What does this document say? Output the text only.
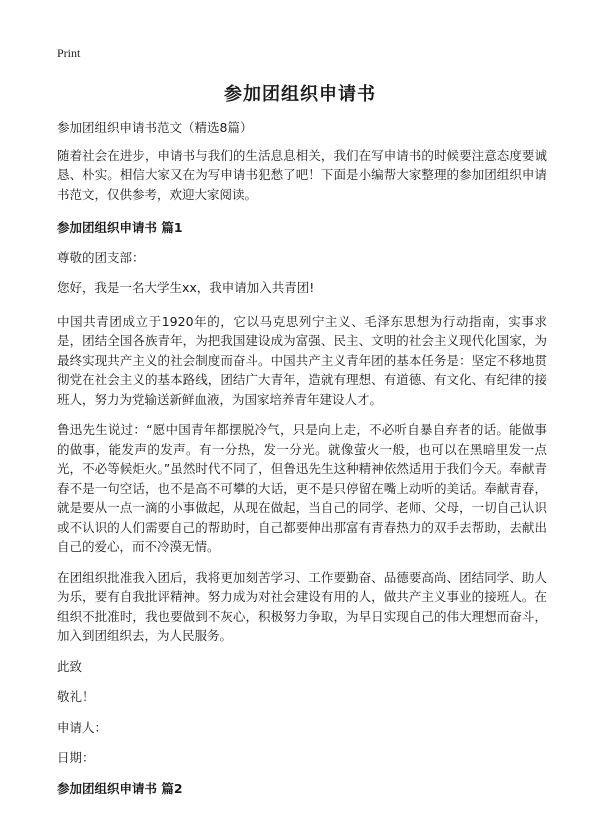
Print
参加团组织申请书

参加团组织申请书范文（精选8篇）

随着社会在进步，申请书与我们的生活息息相关，我们在写申请书的时候要注意态度要诚恳、朴实。相信大家又在为写申请书犯愁了吧！下面是小编帮大家整理的参加团组织申请书范文，仅供参考，欢迎大家阅读。

参加团组织申请书 篇1

尊敬的团支部：

您好，我是一名大学生xx，我申请加入共青团!

中国共青团成立于1920年的，它以马克思列宁主义、毛泽东思想为行动指南，实事求是，团结全国各族青年，为把我国建设成为富强、民主、文明的社会主义现代化国家，为最终实现共产主义的社会制度而奋斗。中国共产主义青年团的基本任务是：坚定不移地贯彻党在社会主义的基本路线，团结广大青年，造就有理想、有道德、有文化、有纪律的接班人，努力为党输送新鲜血液，为国家培养青年建设人才。

鲁迅先生说过：“愿中国青年都摆脱冷气，只是向上走，不必听自暴自弃者的话。能做事的做事，能发声的发声。有一分热，发一分光。就像萤火一般，也可以在黑暗里发一点光，不必等候炬火。”虽然时代不同了，但鲁迅先生这种精神依然适用于我们今天。奉献青春不是一句空话，也不是高不可攀的大话，更不是只停留在嘴上动听的美话。奉献青春，就是要从一点一滴的小事做起，从现在做起，当自己的同学、老师、父母，一切自己认识或不认识的人们需要自己的帮助时，自己都要伸出那富有青春热力的双手去帮助，去献出自己的爱心，而不冷漠无情。

在团组织批准我入团后，我将更加刻苦学习、工作要勤奋、品德要高尚、团结同学、助人为乐，要有自我批评精神。努力成为对社会建设有用的人，做共产主义事业的接班人。在组织不批准时，我也要做到不灰心，积极努力争取，为早日实现自己的伟大理想而奋斗，加入到团组织去，为人民服务。

此致

敬礼！

申请人：

日期：

参加团组织申请书 篇2
